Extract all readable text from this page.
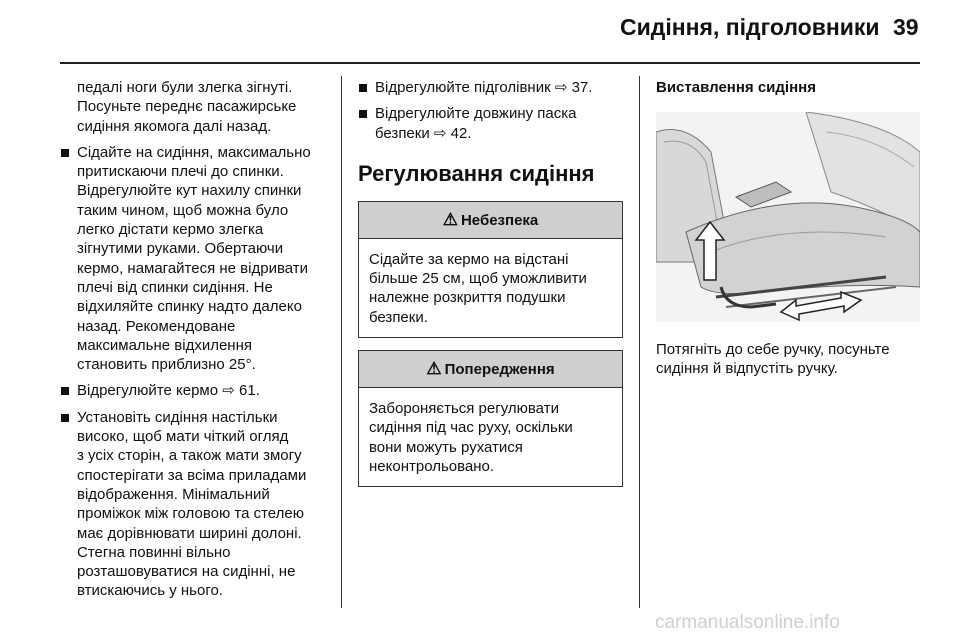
Сидіння, підголовники 39

педалі ноги були злегка зігнуті.

Посуньте переднє пасажирське

сидіння якомога далі назад.

Сідайте на сидіння, максимально

притискаючи плечі до спинки.

Відрегулюйте кут нахилу спинки

таким чином, щоб можна було

легко дістати кермо злегка

зігнутими руками. Обертаючи

кермо, намагайтеся не відривати

плечі від спинки сидіння. Не

відхиляйте спинку надто далеко

назад. Рекомендоване

максимальне відхилення

становить приблизно 25°.

Відрегулюйте кермо ⇨ 61.

Установіть сидіння настільки

високо, щоб мати чіткий огляд

з усіх сторін, а також мати змогу

спостерігати за всіма приладами

відображення. Мінімальний

проміжок між головою та стелею

має дорівнювати ширині долоні.

Стегна повинні вільно

розташовуватися на сидінні, не

втискаючись у нього.

Відрегулюйте підголівник ⇨ 37.

Відрегулюйте довжину паска

безпеки ⇨ 42.

Регулювання сидіння
⚠ Небезпека

Сідайте за кермо на відстані

більше 25 см, щоб уможливити

належне розкриття подушки

безпеки.

⚠ Попередження

Забороняється регулювати

сидіння під час руху, оскільки

вони можуть рухатися

неконтрольовано.

Виставлення сидіння

Потягніть до себе ручку, посуньте

сидіння й відпустіть ручку.

carmanualsonline.info
